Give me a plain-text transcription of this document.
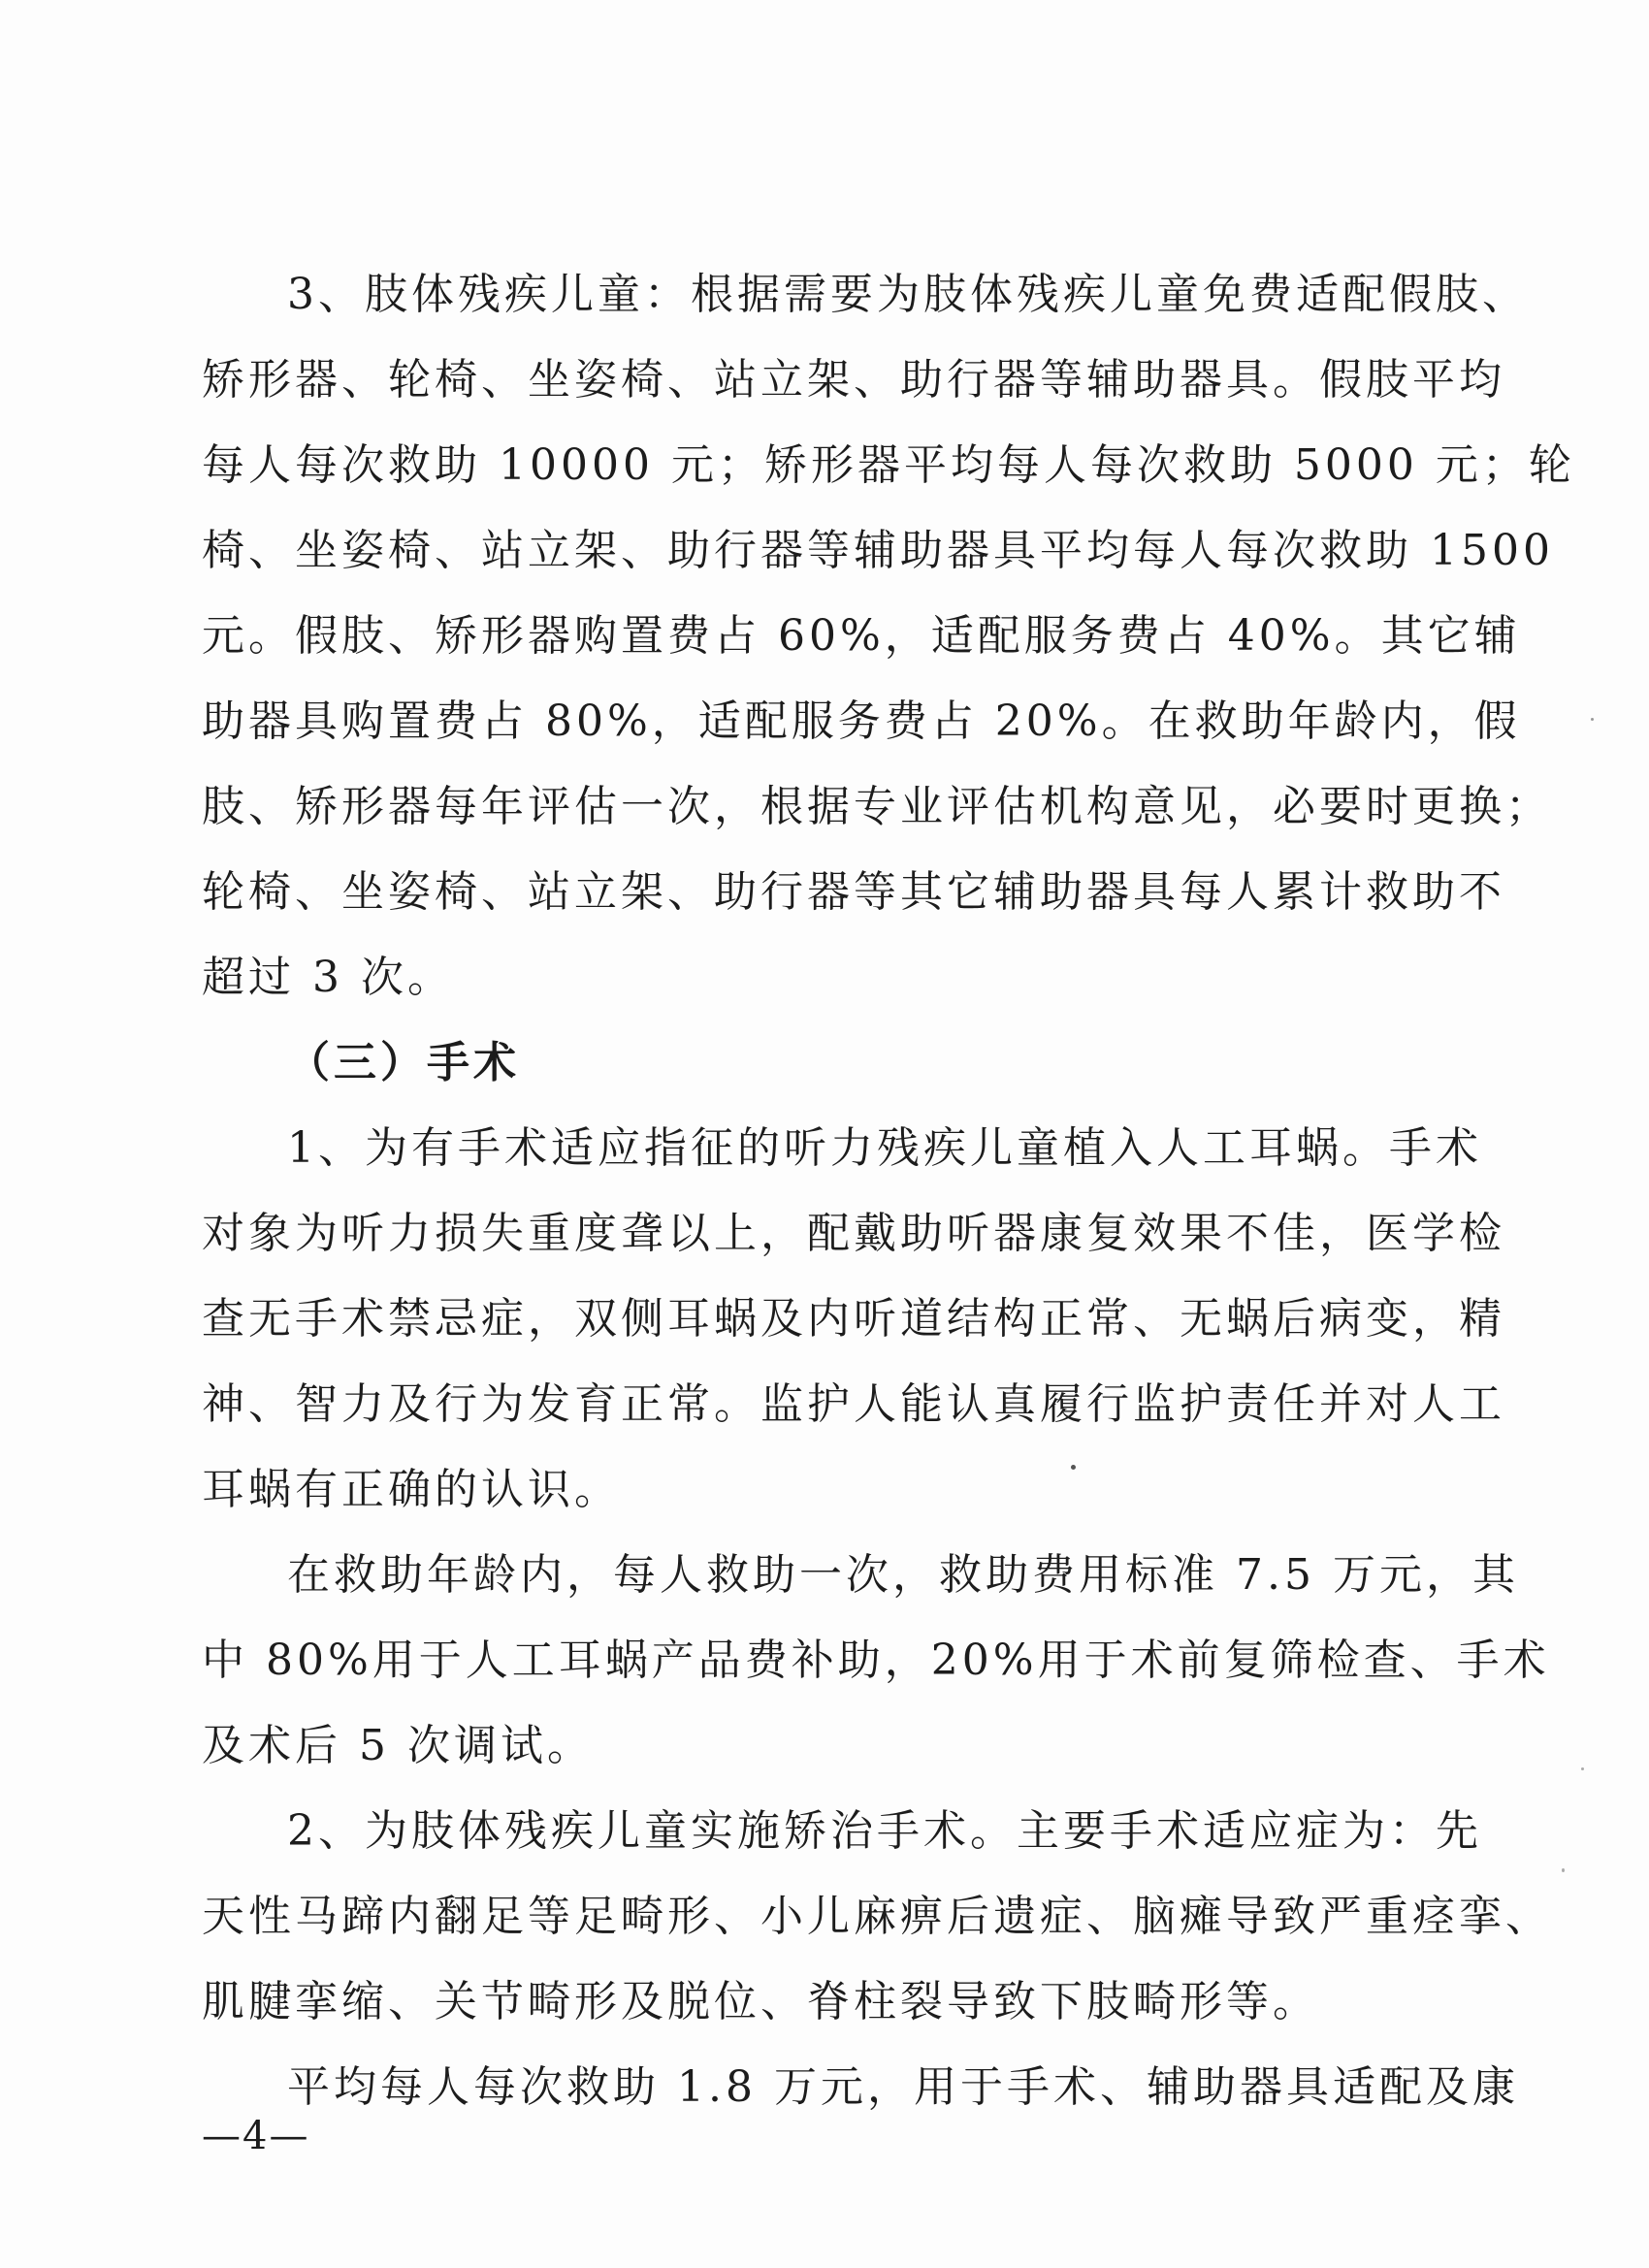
3、肢体残疾儿童：根据需要为肢体残疾儿童免费适配假肢、
矫形器、轮椅、坐姿椅、站立架、助行器等辅助器具。假肢平均
每人每次救助 10000 元；矫形器平均每人每次救助 5000 元；轮
椅、坐姿椅、站立架、助行器等辅助器具平均每人每次救助 1500
元。假肢、矫形器购置费占 60%，适配服务费占 40%。其它辅
助器具购置费占 80%，适配服务费占 20%。在救助年龄内，假
肢、矫形器每年评估一次，根据专业评估机构意见，必要时更换；
轮椅、坐姿椅、站立架、助行器等其它辅助器具每人累计救助不
超过 3 次。
（三）手术
1、为有手术适应指征的听力残疾儿童植入人工耳蜗。手术
对象为听力损失重度聋以上，配戴助听器康复效果不佳，医学检
查无手术禁忌症，双侧耳蜗及内听道结构正常、无蜗后病变，精
神、智力及行为发育正常。监护人能认真履行监护责任并对人工
耳蜗有正确的认识。
在救助年龄内，每人救助一次，救助费用标准 7.5 万元，其
中 80%用于人工耳蜗产品费补助，20%用于术前复筛检查、手术
及术后 5 次调试。
2、为肢体残疾儿童实施矫治手术。主要手术适应症为：先
天性马蹄内翻足等足畸形、小儿麻痹后遗症、脑瘫导致严重痉挛、
肌腱挛缩、关节畸形及脱位、脊柱裂导致下肢畸形等。
平均每人每次救助 1.8 万元，用于手术、辅助器具适配及康
—4—
